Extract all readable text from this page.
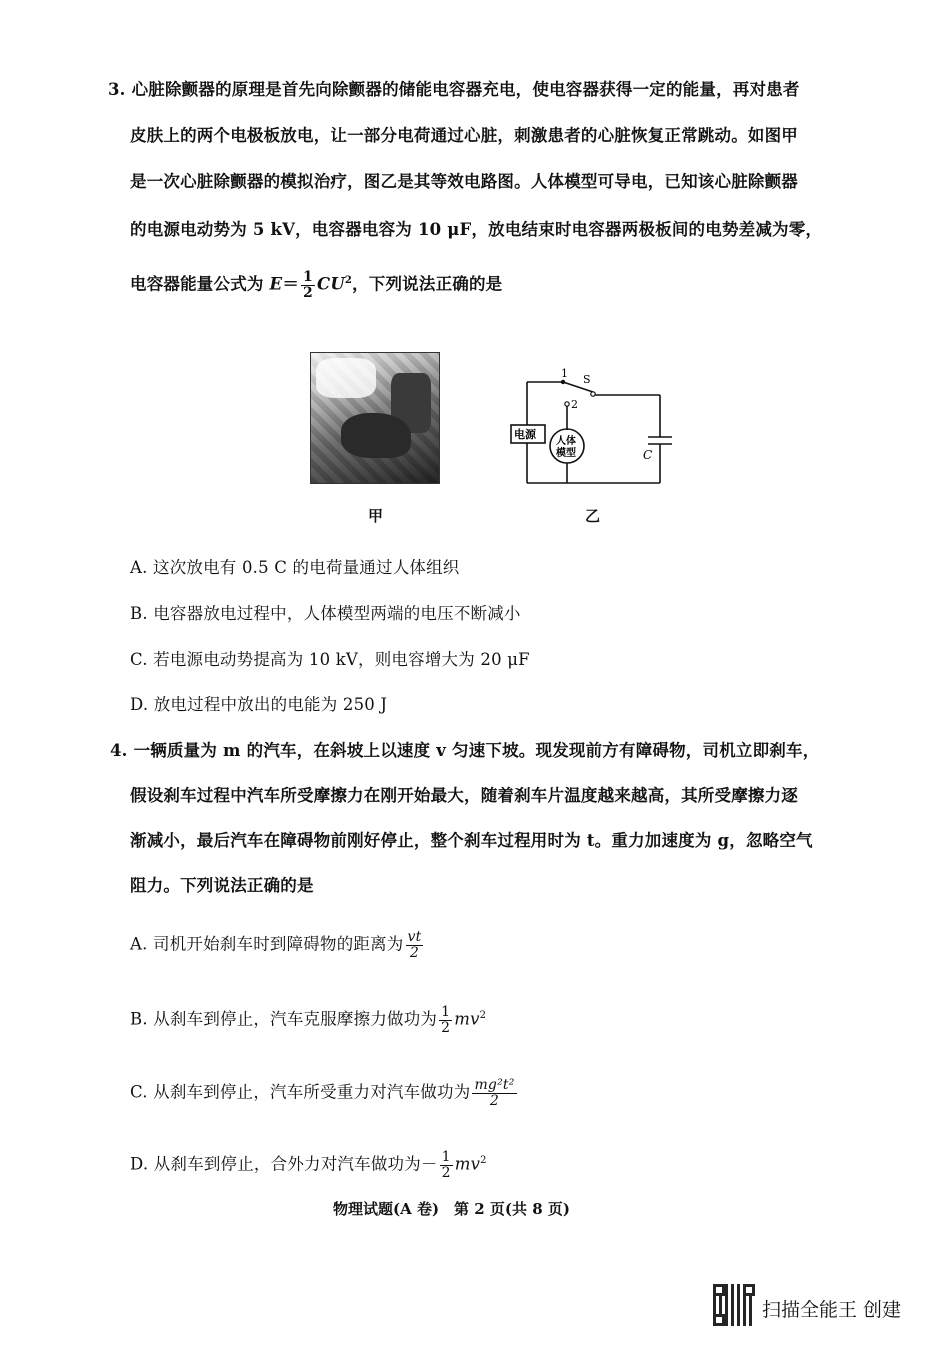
3. 心脏除颤器的原理是首先向除颤器的储能电容器充电，使电容器获得一定的能量，再对患者
皮肤上的两个电极板放电，让一部分电荷通过心脏，刺激患者的心脏恢复正常跳动。如图甲
是一次心脏除颤器的模拟治疗，图乙是其等效电路图。人体模型可导电，已知该心脏除颤器
的电源电动势为 5 kV，电容器电容为 10 μF，放电结束时电容器两极板间的电势差减为零，
电容器能量公式为 $E= \frac{1}{2} CU^2$，下列说法正确的是
1
2
S
电源
人体
模型	C
甲	乙
A. 这次放电有 0.5 C 的电荷量通过人体组织
B. 电容器放电过程中，人体模型两端的电压不断减小
C. 若电源电动势提高为 10 kV，则电容增大为 20 μF
D. 放电过程中放出的电能为 250 J
4. 一辆质量为 m 的汽车，在斜坡上以速度 v 匀速下坡。现发现前方有障碍物，司机立即刹车，
假设刹车过程中汽车所受摩擦力在刚开始最大，随着刹车片温度越来越高，其所受摩擦力逐
渐减小，最后汽车在障碍物前刚好停止，整个刹车过程用时为 t。重力加速度为 g，忽略空气
阻力。下列说法正确的是
A. 司机开始刹车时到障碍物的距离为 $\frac{vt}{2}$
B. 从刹车到停止，汽车克服摩擦力做功为 $\frac{1}{2} mv^2$
C. 从刹车到停止，汽车所受重力对汽车做功为 $\frac{\text{mg²t²}}{2}$
D. 从刹车到停止，合外力对汽车做功为－ $\frac{1}{2} mv^2$
物理试题(A 卷)　第 2 页(共 8 页)
扫描全能王 创建
